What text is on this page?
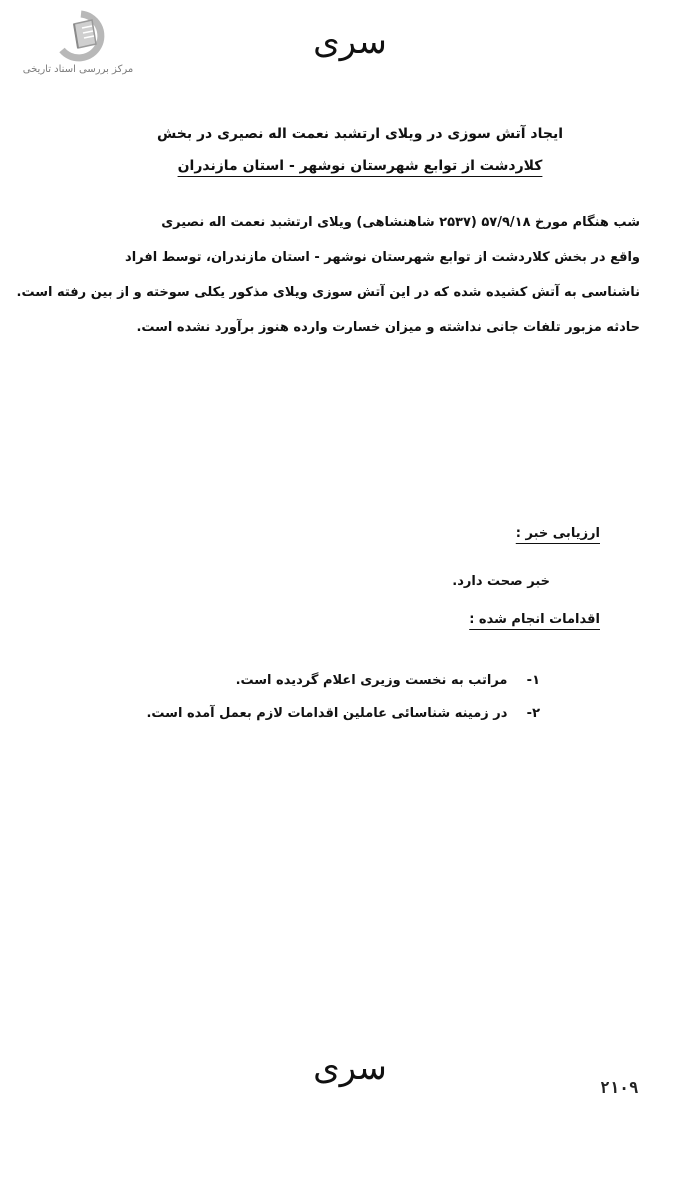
مرکز بررسی اسناد تاریخی
سری
ایجاد آتش سوزی در ویلای ارتشبد نعمت اله نصیری در بخش
کلاردشت از توابع شهرستان نوشهر - استان مازندران
شب هنگام مورخ ۵۷/۹/۱۸ (۲۵۳۷ شاهنشاهی) ویلای ارتشبد نعمت اله نصیری
واقع در بخش کلاردشت از توابع شهرستان نوشهر - استان مازندران، توسط افراد
ناشناسی به آتش کشیده شده که در این آتش سوزی ویلای مذکور یکلی سوخته و از بین رفته است.
حادثه مزبور تلفات جانی نداشته و میزان خسارت وارده هنوز برآورد نشده است.
ارزیابی خبر :
خبر صحت دارد.
اقدامات انجام شده :
۱- مراتب به نخست وزیری اعلام گردیده است.
۲- در زمینه شناسائی عاملین اقدامات لازم بعمل آمده است.
سری	۲۱۰۹
